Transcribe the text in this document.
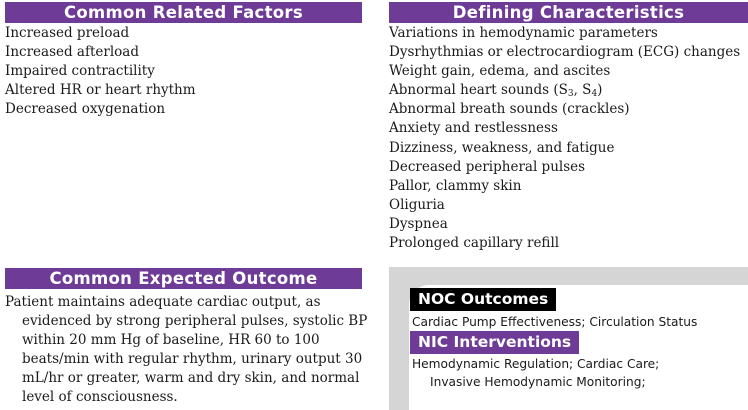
Common Related Factors
Increased preload
Increased afterload
Impaired contractility
Altered HR or heart rhythm
Decreased oxygenation
Defining Characteristics
Variations in hemodynamic parameters
Dysrhythmias or electrocardiogram (ECG) changes
Weight gain, edema, and ascites
Abnormal heart sounds ($S_3$, $S_4$)
Abnormal breath sounds (crackles)
Anxiety and restlessness
Dizziness, weakness, and fatigue
Decreased peripheral pulses
Pallor, clammy skin
Oliguria
Dyspnea
Prolonged capillary refill
Common Expected Outcome
Patient maintains adequate cardiac output, as evidenced by strong peripheral pulses, systolic BP within 20 mm Hg of baseline, HR 60 to 100 beats/min with regular rhythm, urinary output 30 mL/hr or greater, warm and dry skin, and normal level of consciousness.
NOC Outcomes
Cardiac Pump Effectiveness; Circulation Status
NIC Interventions
Hemodynamic Regulation; Cardiac Care;
Invasive Hemodynamic Monitoring;
